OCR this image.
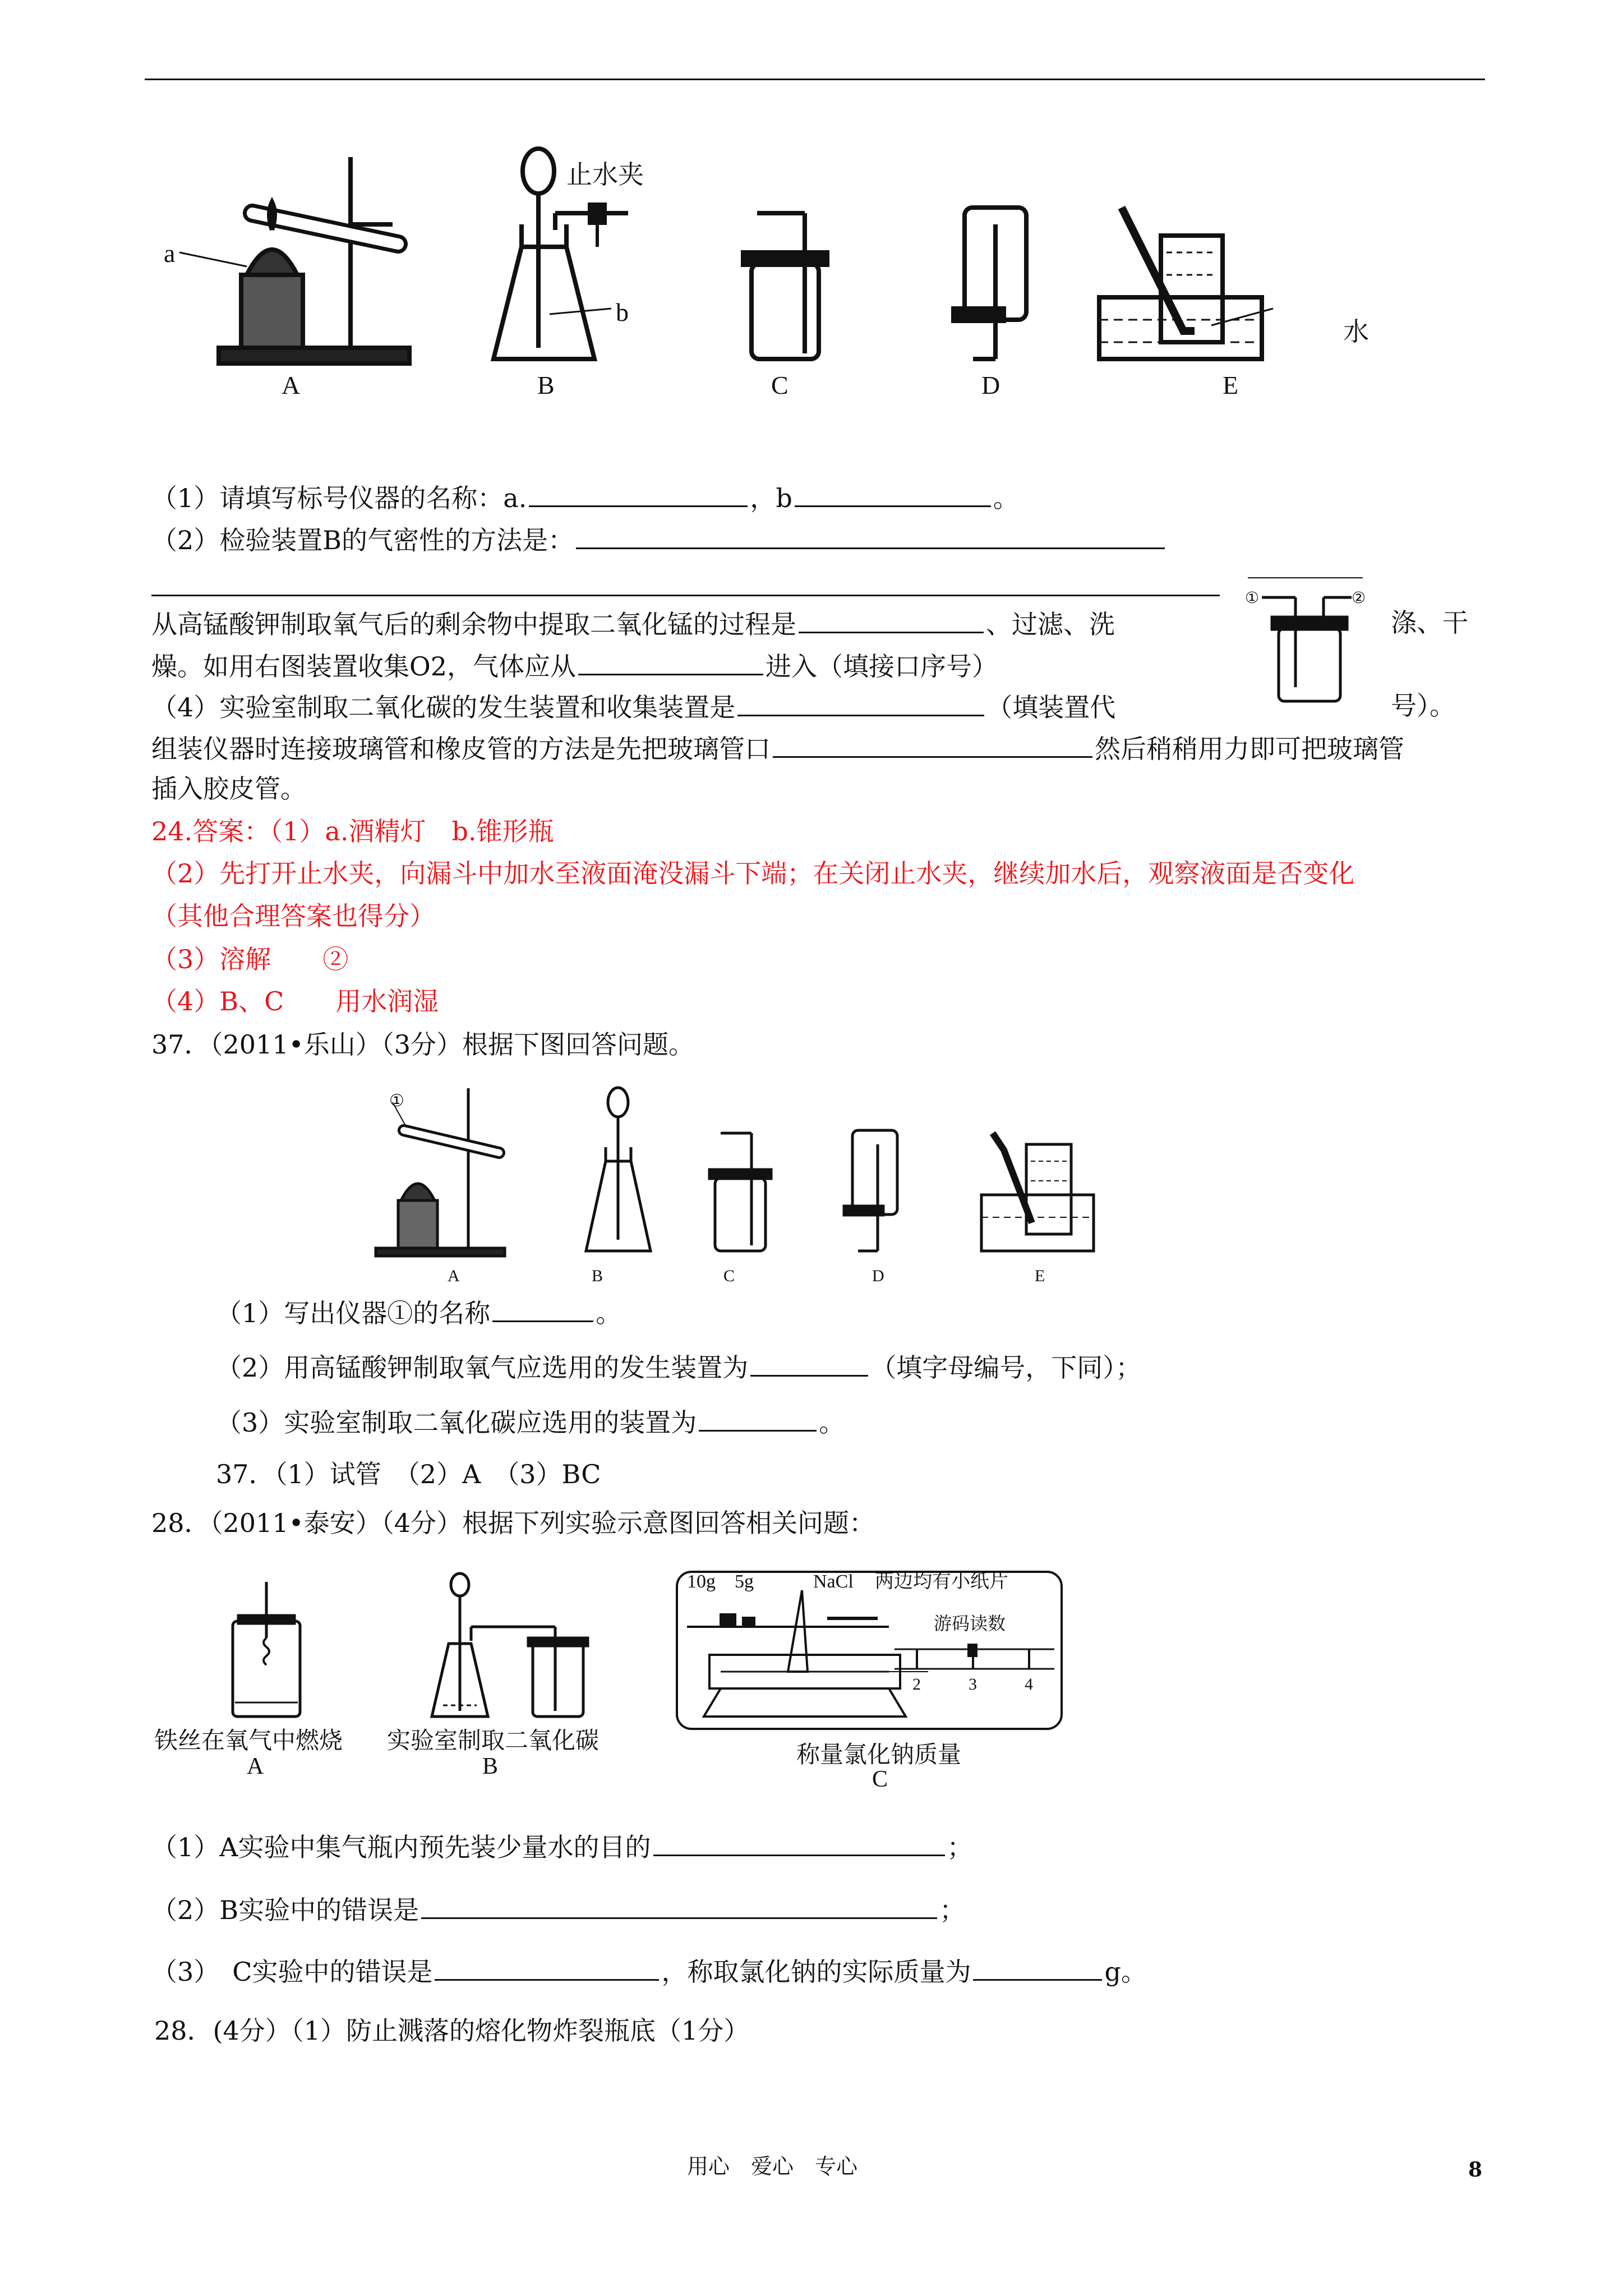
A	B	C	D	E
a
b
止水夹
水
（1）请填写标号仪器的名称：a.	，b	。
（2）检验装置B的气密性的方法是：
①	②
从高锰酸钾制取氧气后的剩余物中提取二氧化锰的过程是	、过滤、洗	涤、干
燥。如用右图装置收集O2，气体应从	进入（填接口序号）
（4）实验室制取二氧化碳的发生装置和收集装置是	（填装置代	号）。
组装仪器时连接玻璃管和橡皮管的方法是先把玻璃管口	然后稍稍用力即可把玻璃管
插入胶皮管。
24.答案：（1）a.酒精灯　b.锥形瓶
（2）先打开止水夹，向漏斗中加水至液面淹没漏斗下端；在关闭止水夹，继续加水后，观察液面是否变化
（其他合理答案也得分）
（3）溶解　　②
（4）B、C　　用水润湿
37．（2011•乐山）（3分）根据下图回答问题。
①
A	B	C	D	E
（1）写出仪器①的名称	。
（2）用高锰酸钾制取氧气应选用的发生装置为	（填字母编号，下同）；
（3）实验室制取二氧化碳应选用的装置为	。
37．（1）试管　（2）A　（3）BC
28．（2011•泰安）（4分）根据下列实验示意图回答相关问题：
铁丝在氧气中燃烧
A
实验室制取二氧化碳
B
10g 5g	NaCl 两边均有小纸片
游码读数
2	3	4
称量氯化钠质量
C
（1）A实验中集气瓶内预先装少量水的目的	；
（2）B实验中的错误是	；
（3）　C实验中的错误是	，称取氯化钠的实际质量为	g。
28．(4分）（1）防止溅落的熔化物炸裂瓶底（1分）
用心　爱心　专心	8
